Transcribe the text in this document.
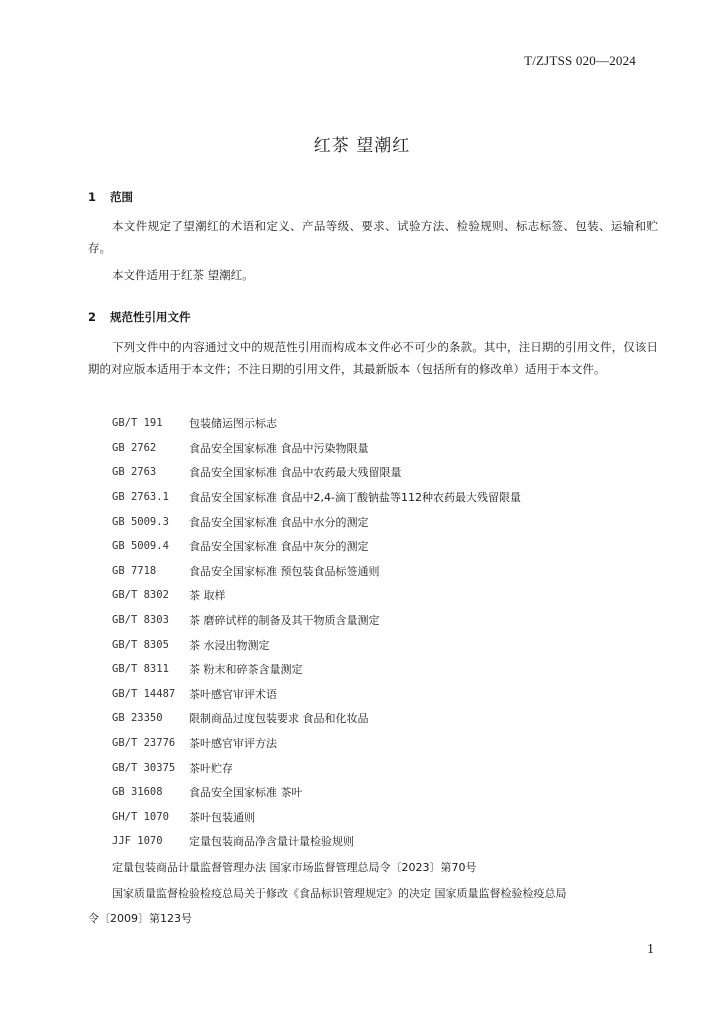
T/ZJTSS 020—2024
红茶 望潮红
1 范围
本文件规定了望潮红的术语和定义、产品等级、要求、试验方法、检验规则、标志标签、包装、运输和贮存。
本文件适用于红茶 望潮红。
2 规范性引用文件
下列文件中的内容通过文中的规范性引用而构成本文件必不可少的条款。其中，注日期的引用文件，仅该日期的对应版本适用于本文件；不注日期的引用文件，其最新版本（包括所有的修改单）适用于本文件。
GB/T 191	包装储运图示标志
GB 2762	食品安全国家标准 食品中污染物限量
GB 2763	食品安全国家标准 食品中农药最大残留限量
GB 2763.1	食品安全国家标准 食品中2,4-滴丁酸钠盐等112种农药最大残留限量
GB 5009.3	食品安全国家标准 食品中水分的测定
GB 5009.4	食品安全国家标准 食品中灰分的测定
GB 7718	食品安全国家标准 预包装食品标签通则
GB/T 8302	茶 取样
GB/T 8303	茶 磨碎试样的制备及其干物质含量测定
GB/T 8305	茶 水浸出物测定
GB/T 8311	茶 粉末和碎茶含量测定
GB/T 14487	茶叶感官审评术语
GB 23350	限制商品过度包装要求 食品和化妆品
GB/T 23776	茶叶感官审评方法
GB/T 30375	茶叶贮存
GB 31608	食品安全国家标准 茶叶
GH/T 1070	茶叶包装通则
JJF 1070	定量包装商品净含量计量检验规则
定量包装商品计量监督管理办法 国家市场监督管理总局令〔2023〕第70号
国家质量监督检验检疫总局关于修改《食品标识管理规定》的决定 国家质量监督检验检疫总局
令〔2009〕第123号
1
